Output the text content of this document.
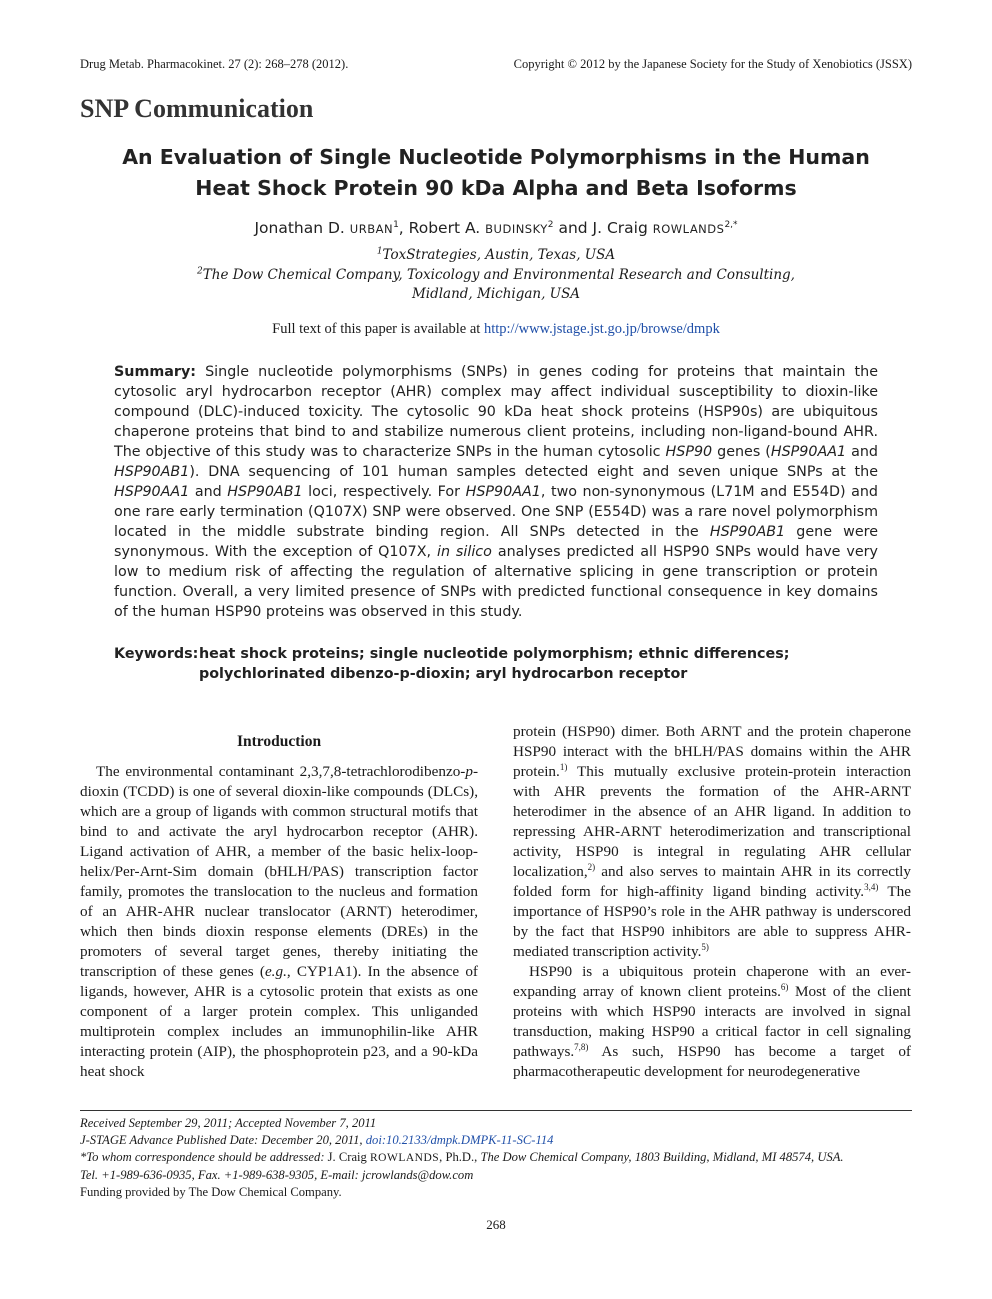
Drug Metab. Pharmacokinet. 27 (2): 268–278 (2012).	Copyright © 2012 by the Japanese Society for the Study of Xenobiotics (JSSX)
SNP Communication
An Evaluation of Single Nucleotide Polymorphisms in the Human
Heat Shock Protein 90 kDa Alpha and Beta Isoforms
Jonathan D. URBAN$^1$, Robert A. BUDINSKY$^2$ and J. Craig $ROWLANDS^{2,*}$
$^1$ToxStrategies, Austin, Texas, USA
$^2$The Dow Chemical Company, Toxicology and Environmental Research and Consulting,
Midland, Michigan, USA
Full text of this paper is available at http://www.jstage.jst.go.jp/browse/dmpk
Summary: Single nucleotide polymorphisms (SNPs) in genes coding for proteins that maintain the cytosolic aryl hydrocarbon receptor (AHR) complex may affect individual susceptibility to dioxin-like compound (DLC)-induced toxicity. The cytosolic 90 kDa heat shock proteins (HSP90s) are ubiquitous chaperone proteins that bind to and stabilize numerous client proteins, including non-ligand-bound AHR. The objective of this study was to characterize SNPs in the human cytosolic HSP90 genes (HSP90AA1 and HSP90AB1). DNA sequencing of 101 human samples detected eight and seven unique SNPs at the HSP90AA1 and HSP90AB1 loci, respectively. For HSP90AA1, two non-synonymous (L71M and E554D) and one rare early termination (Q107X) SNP were observed. One SNP (E554D) was a rare novel polymorphism located in the middle substrate binding region. All SNPs detected in the HSP90AB1 gene were synonymous. With the exception of Q107X, in silico analyses predicted all HSP90 SNPs would have very low to medium risk of affecting the regulation of alternative splicing in gene transcription or protein function. Overall, a very limited presence of SNPs with predicted functional consequence in key domains of the human HSP90 proteins was observed in this study.
Keywords: heat shock proteins; single nucleotide polymorphism; ethnic differences; polychlorinated dibenzo-p-dioxin; aryl hydrocarbon receptor
Introduction

The environmental contaminant 2,3,7,8-tetrachlorodibenzo-p-dioxin (TCDD) is one of several dioxin-like compounds (DLCs), which are a group of ligands with common structural motifs that bind to and activate the aryl hydrocarbon receptor (AHR). Ligand activation of AHR, a member of the basic helix-loop-helix/Per-Arnt-Sim domain (bHLH/PAS) transcription factor family, promotes the translocation to the nucleus and formation of an AHR-AHR nuclear translocator (ARNT) heterodimer, which then binds dioxin response elements (DREs) in the promoters of several target genes, thereby initiating the transcription of these genes (e.g., CYP1A1). In the absence of ligands, however, AHR is a cytosolic protein that exists as one component of a larger protein complex. This unliganded multiprotein complex includes an immunophilin-like AHR interacting protein (AIP), the phosphoprotein p23, and a 90-kDa heat shock

protein (HSP90) dimer. Both ARNT and the protein chaperone HSP90 interact with the bHLH/PAS domains within the AHR protein.$^{1)}$ This mutually exclusive protein-protein interaction with AHR prevents the formation of the AHR-ARNT heterodimer in the absence of an AHR ligand. In addition to repressing AHR-ARNT heterodimerization and transcriptional activity, HSP90 is integral in regulating AHR cellular localization,$^{2)}$ and also serves to maintain AHR in its correctly folded form for high-affinity ligand binding activity.$^{3,4)}$ The importance of HSP90’s role in the AHR pathway is underscored by the fact that HSP90 inhibitors are able to suppress AHR-mediated transcription activity.$^{5)}$

HSP90 is a ubiquitous protein chaperone with an ever-expanding array of known client proteins.$^{6)}$ Most of the client proteins with which HSP90 interacts are involved in signal transduction, making HSP90 a critical factor in cell signaling pathways.$^{7,8)}$ As such, HSP90 has become a target of pharmacotherapeutic development for neurodegenerative

Received September 29, 2011; Accepted November 7, 2011
J-STAGE Advance Published Date: December 20, 2011, doi:10.2133/dmpk.DMPK-11-SC-114
*To whom correspondence should be addressed: J. Craig ROWLANDS, Ph.D., The Dow Chemical Company, 1803 Building, Midland, MI 48574, USA.
Tel. +1-989-636-0935, Fax. +1-989-638-9305, E-mail: jcrowlands@dow.com
Funding provided by The Dow Chemical Company.
268
